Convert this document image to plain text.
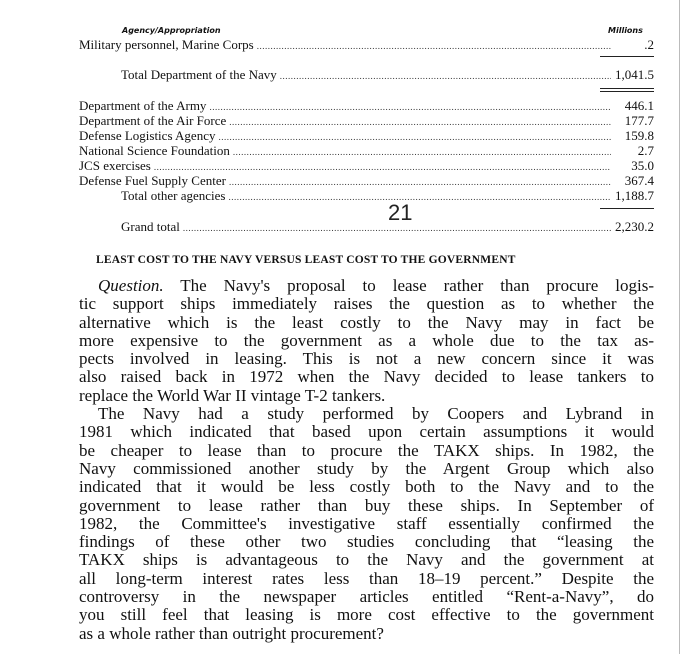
Agency/Appropriation	Millions
Military personnel, Marine Corps .....	.2
Total Department of the Navy .....	1,041.5
Department of the Army .....	446.1
Department of the Air Force .....	177.7
Defense Logistics Agency .....	159.8
National Science Foundation .....	2.7
JCS exercises .....	35.0
Defense Fuel Supply Center .....	367.4
Total other agencies .....	1,188.7
Grand total .....	2,230.2
21
LEAST COST TO THE NAVY VERSUS LEAST COST TO THE GOVERNMENT
Question. The Navy's proposal to lease rather than procure logis-
tic support ships immediately raises the question as to whether the
alternative which is the least costly to the Navy may in fact be
more expensive to the government as a whole due to the tax as-
pects involved in leasing. This is not a new concern since it was
also raised back in 1972 when the Navy decided to lease tankers to
replace the World War II vintage T-2 tankers.
The Navy had a study performed by Coopers and Lybrand in
1981 which indicated that based upon certain assumptions it would
be cheaper to lease than to procure the TAKX ships. In 1982, the
Navy commissioned another study by the Argent Group which also
indicated that it would be less costly both to the Navy and to the
government to lease rather than buy these ships. In September of
1982, the Committee's investigative staff essentially confirmed the
findings of these other two studies concluding that “leasing the
TAKX ships is advantageous to the Navy and the government at
all long-term interest rates less than 18–19 percent.” Despite the
controversy in the newspaper articles entitled “Rent-a-Navy”, do
you still feel that leasing is more cost effective to the government
as a whole rather than outright procurement?
